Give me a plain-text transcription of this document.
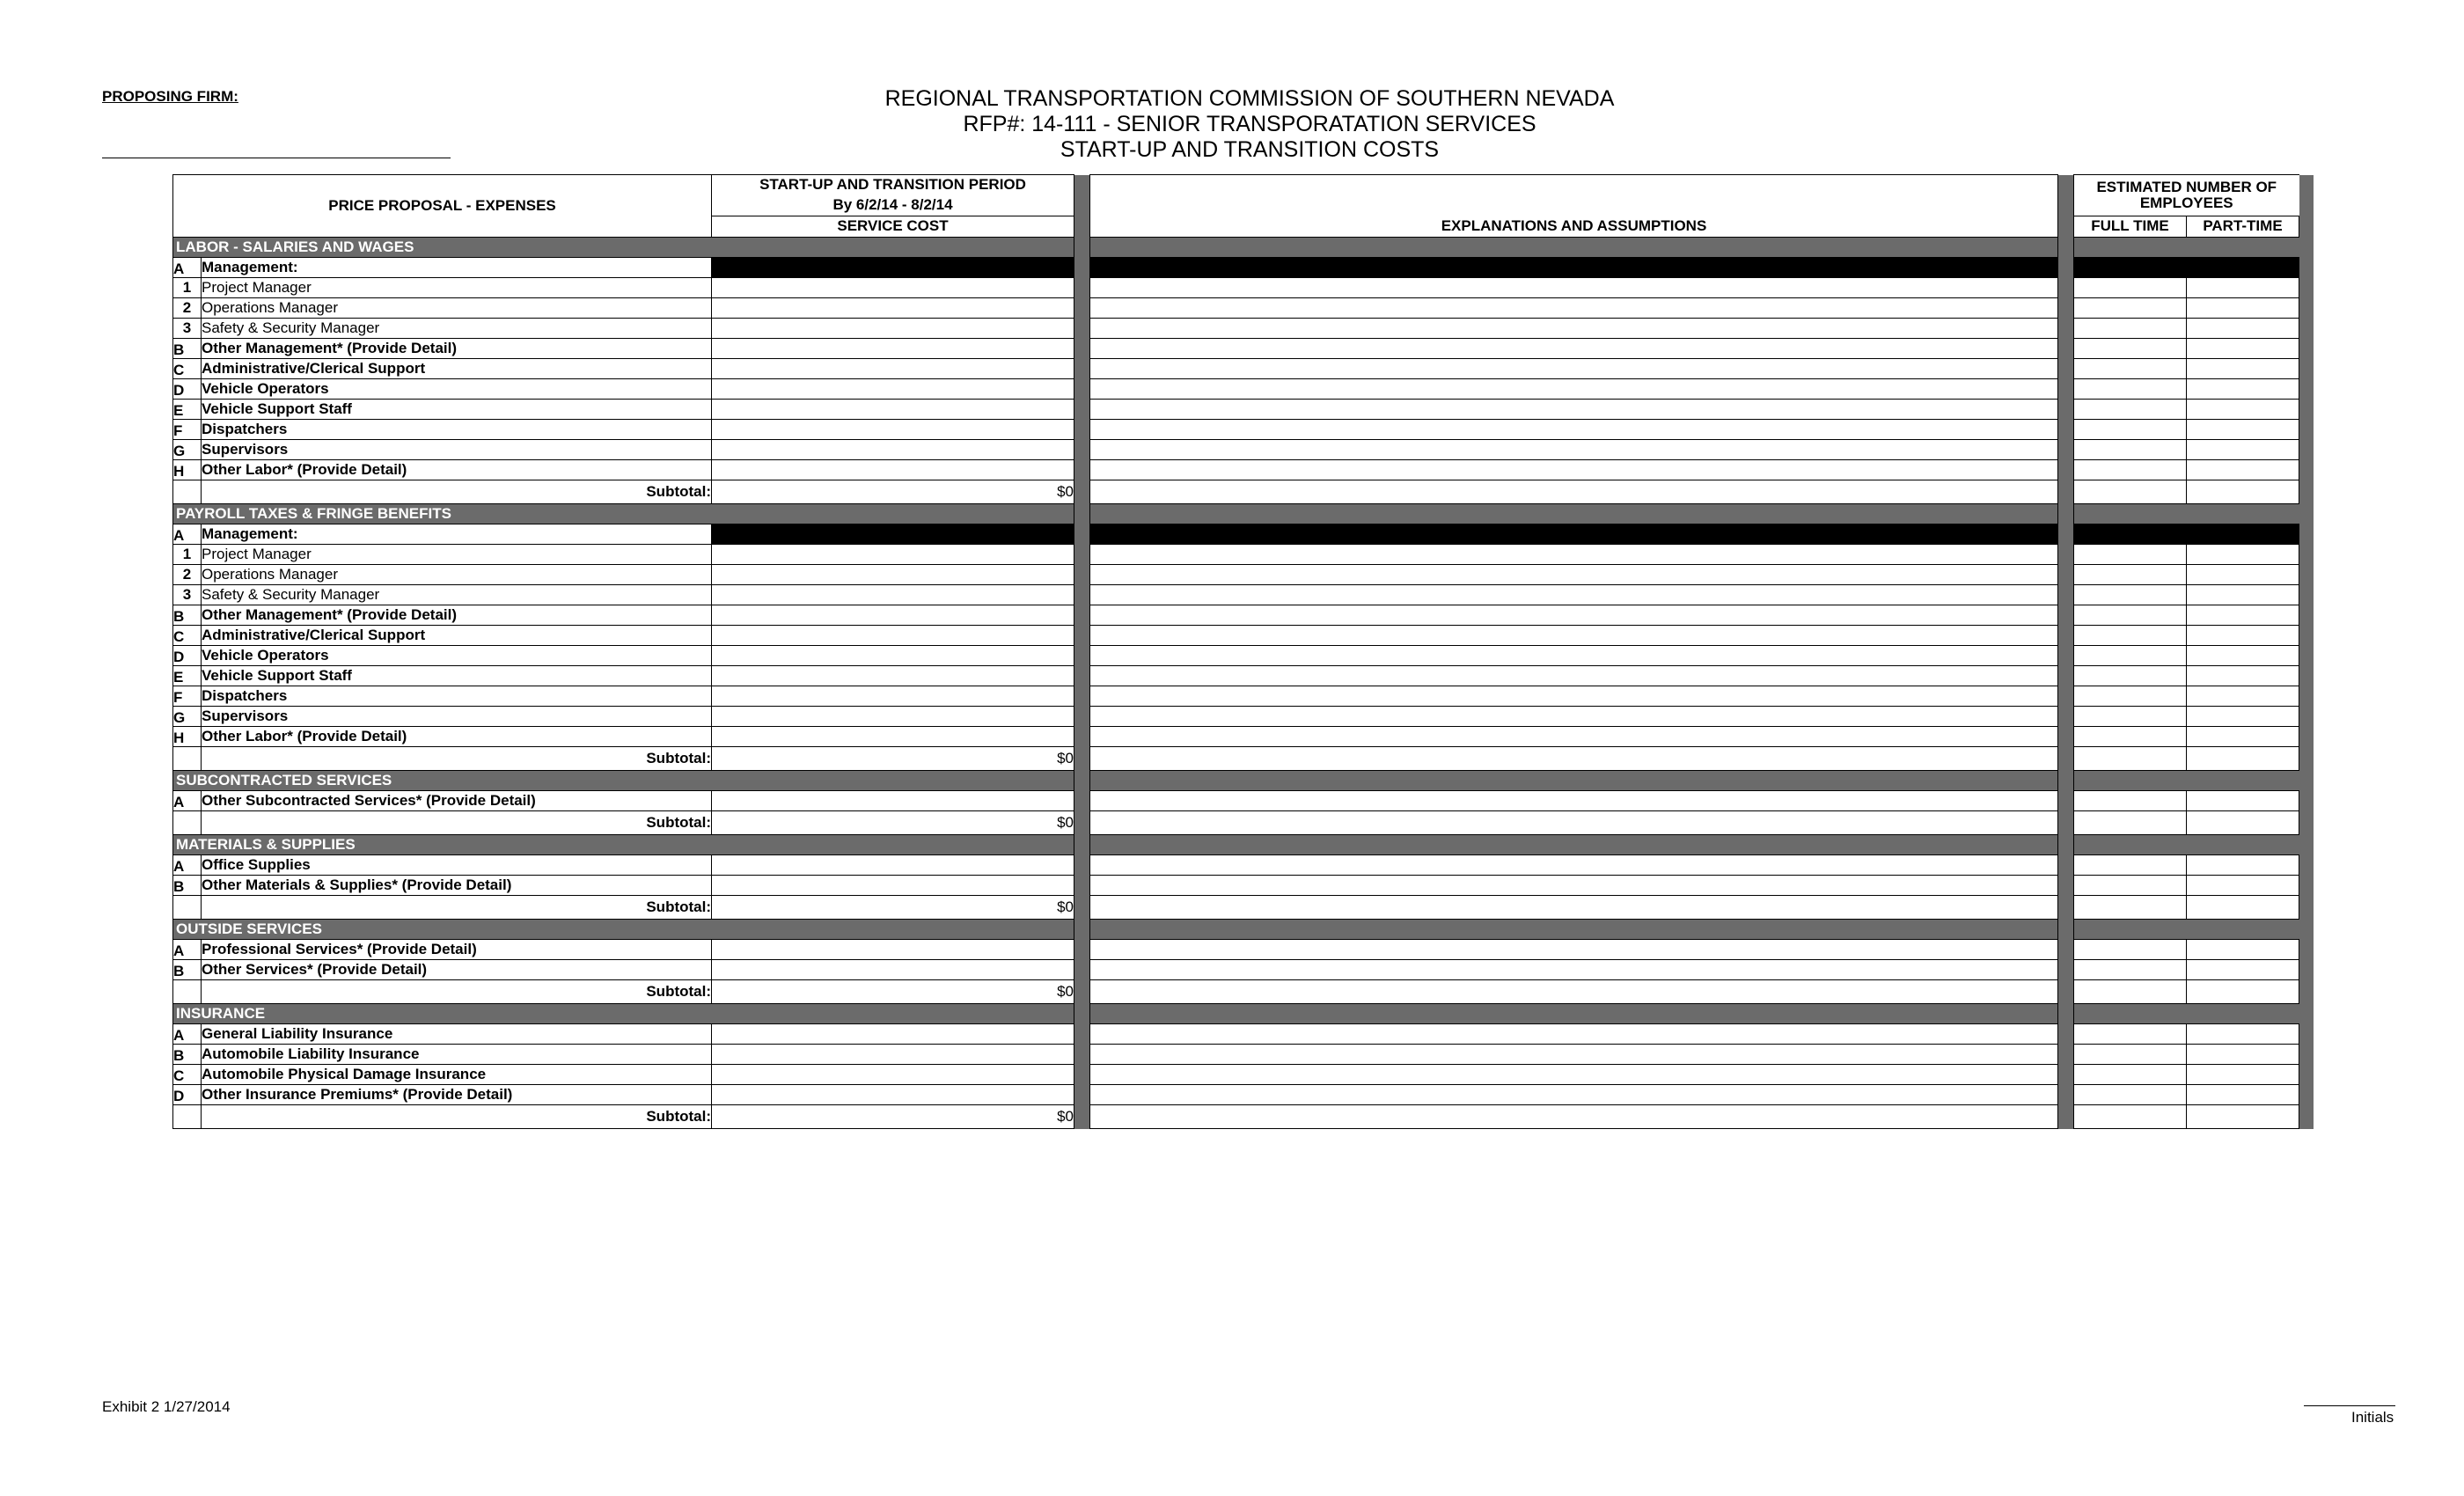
PROPOSING FIRM:	REGIONAL TRANSPORTATION COMMISSION OF SOUTHERN NEVADA
RFP#: 14-111 - SENIOR TRANSPORATATION SERVICES
START-UP AND TRANSITION COSTS
PRICE PROPOSAL - EXPENSES		START-UP AND TRANSITION PERIOD				ESTIMATED NUMBER OF EMPLOYEES		
		By 6/2/14 - 8/2/14						
		SERVICE COST		EXPLANATIONS AND ASSUMPTIONS		FULL TIME	PART-TIME	
LABOR - SALARIES AND WAGES								
A	Management:							
1	Project Manager							
2	Operations Manager							
3	Safety & Security Manager							
B	Other Management* (Provide Detail)							
C	Administrative/Clerical Support							
D	Vehicle Operators							
E	Vehicle Support Staff							
F	Dispatchers							
G	Supervisors							
H	Other Labor* (Provide Detail)							
	Subtotal:	$0						
PAYROLL TAXES & FRINGE BENEFITS								
A	Management:							
1	Project Manager							
2	Operations Manager							
3	Safety & Security Manager							
B	Other Management* (Provide Detail)							
C	Administrative/Clerical Support							
D	Vehicle Operators							
E	Vehicle Support Staff							
F	Dispatchers							
G	Supervisors							
H	Other Labor* (Provide Detail)							
	Subtotal:	$0						
SUBCONTRACTED SERVICES								
A	Other Subcontracted Services* (Provide Detail)							
	Subtotal:	$0						
MATERIALS & SUPPLIES								
A	Office Supplies							
B	Other Materials & Supplies* (Provide Detail)							
	Subtotal:	$0						
OUTSIDE SERVICES								
A	Professional Services* (Provide Detail)							
B	Other Services* (Provide Detail)							
	Subtotal:	$0						
INSURANCE								
A	General Liability Insurance							
B	Automobile Liability Insurance							
C	Automobile Physical Damage Insurance							
D	Other Insurance Premiums* (Provide Detail)							
	Subtotal:	$0						
Exhibit 2 1/27/2014
Initials
